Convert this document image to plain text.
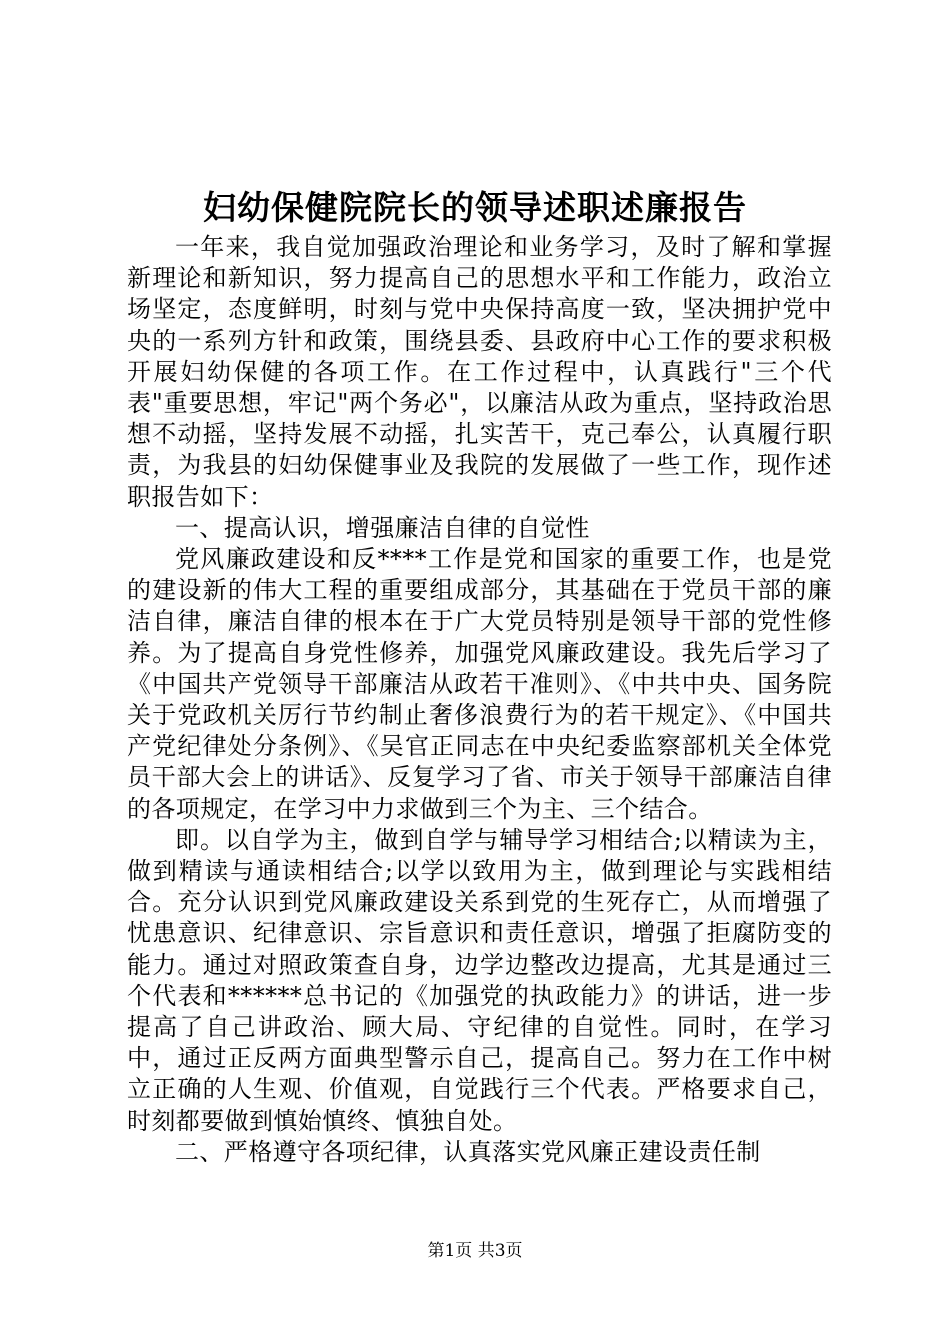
妇幼保健院院长的领导述职述廉报告

一年来，我自觉加强政治理论和业务学习，及时了解和掌握新理论和新知识，努力提高自己的思想水平和工作能力，政治立场坚定，态度鲜明，时刻与党中央保持高度一致，坚决拥护党中央的一系列方针和政策，围绕县委、县政府中心工作的要求积极开展妇幼保健的各项工作。在工作过程中，认真践行"三个代表"重要思想，牢记"两个务必"，以廉洁从政为重点，坚持政治思想不动摇，坚持发展不动摇，扎实苦干，克己奉公，认真履行职责，为我县的妇幼保健事业及我院的发展做了一些工作，现作述职报告如下：

一、提高认识，增强廉洁自律的自觉性

党风廉政建设和反****工作是党和国家的重要工作，也是党的建设新的伟大工程的重要组成部分，其基础在于党员干部的廉洁自律，廉洁自律的根本在于广大党员特别是领导干部的党性修养。为了提高自身党性修养，加强党风廉政建设。我先后学习了《中国共产党领导干部廉洁从政若干准则》、《中共中央、国务院关于党政机关厉行节约制止奢侈浪费行为的若干规定》、《中国共产党纪律处分条例》、《吴官正同志在中央纪委监察部机关全体党员干部大会上的讲话》、反复学习了省、市关于领导干部廉洁自律的各项规定，在学习中力求做到三个为主、三个结合。

即。以自学为主，做到自学与辅导学习相结合;以精读为主，做到精读与通读相结合;以学以致用为主，做到理论与实践相结合。充分认识到党风廉政建设关系到党的生死存亡，从而增强了忧患意识、纪律意识、宗旨意识和责任意识，增强了拒腐防变的能力。通过对照政策查自身，边学边整改边提高，尤其是通过三个代表和******总书记的《加强党的执政能力》的讲话，进一步提高了自己讲政治、顾大局、守纪律的自觉性。同时，在学习中，通过正反两方面典型警示自己，提高自己。努力在工作中树立正确的人生观、价值观，自觉践行三个代表。严格要求自己，时刻都要做到慎始慎终、慎独自处。

二、严格遵守各项纪律，认真落实党风廉正建设责任制

第1页 共3页
